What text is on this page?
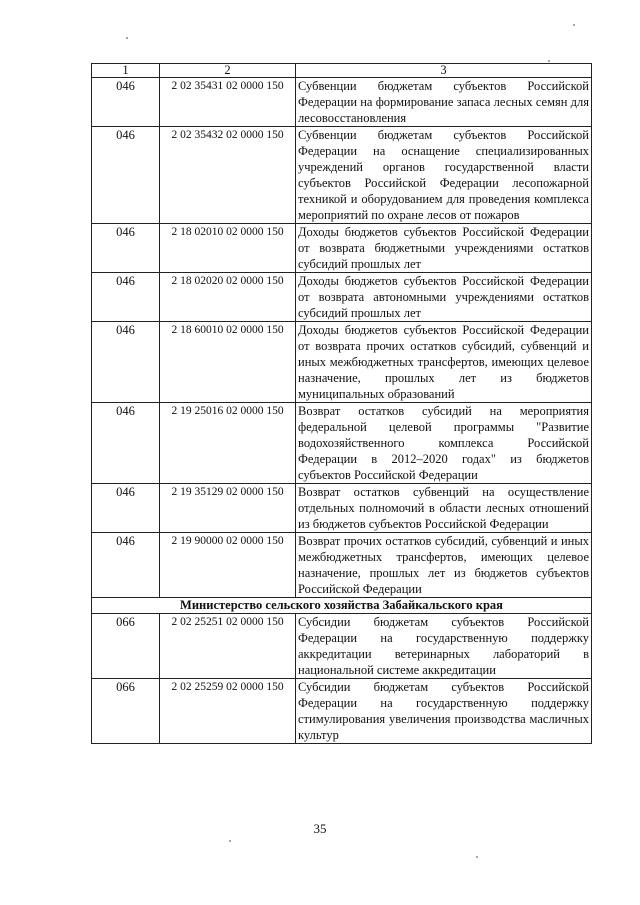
1	2	3
046	2 02 35431 02 0000 150	Субвенции бюджетам субъектов Российской Федерации на формирование запаса лесных семян для лесовосстановления
046	2 02 35432 02 0000 150	Субвенции бюджетам субъектов Российской Федерации на оснащение специализированных учреждений органов государственной власти субъектов Российской Федерации лесопожарной техникой и оборудованием для проведения комплекса мероприятий по охране лесов от пожаров
046	2 18 02010 02 0000 150	Доходы бюджетов субъектов Российской Федерации от возврата бюджетными учреждениями остатков субсидий прошлых лет
046	2 18 02020 02 0000 150	Доходы бюджетов субъектов Российской Федерации от возврата автономными учреждениями остатков субсидий прошлых лет
046	2 18 60010 02 0000 150	Доходы бюджетов субъектов Российской Федерации от возврата прочих остатков субсидий, субвенций и иных межбюджетных трансфертов, имеющих целевое назначение, прошлых лет из бюджетов муниципальных образований
046	2 19 25016 02 0000 150	Возврат остатков субсидий на мероприятия федеральной целевой программы "Развитие водохозяйственного комплекса Российской Федерации в 2012–2020 годах" из бюджетов субъектов Российской Федерации
046	2 19 35129 02 0000 150	Возврат остатков субвенций на осуществление отдельных полномочий в области лесных отношений из бюджетов субъектов Российской Федерации
046	2 19 90000 02 0000 150	Возврат прочих остатков субсидий, субвенций и иных межбюджетных трансфертов, имеющих целевое назначение, прошлых лет из бюджетов субъектов Российской Федерации
Министерство сельского хозяйства Забайкальского края		
066	2 02 25251 02 0000 150	Субсидии бюджетам субъектов Российской Федерации на государственную поддержку аккредитации ветеринарных лабораторий в национальной системе аккредитации
066	2 02 25259 02 0000 150	Субсидии бюджетам субъектов Российской Федерации на государственную поддержку стимулирования увеличения производства масличных культур
35
